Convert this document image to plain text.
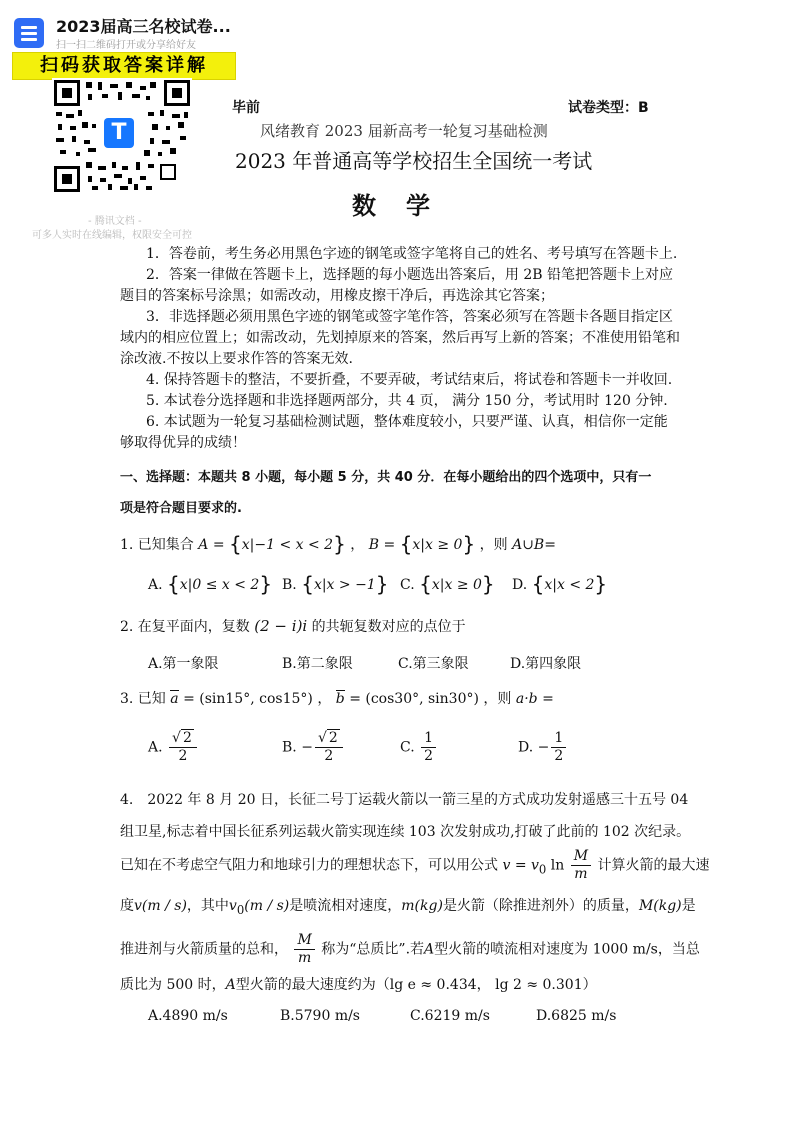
2023届高三名校试卷...
扫一扫二维码打开或分享给好友
扫码获取答案详解
T
- 腾讯文档 -
可多人实时在线编辑，权限安全可控
毕前	试卷类型：B
风绪教育 2023 届新高考一轮复习基础检测
2023 年普通高等学校招生全国统一考试
数学
1．答卷前，考生务必用黑色字迹的钢笔或签字笔将自己的姓名、考号填写在答题卡上.
2．答案一律做在答题卡上，选择题的每小题选出答案后，用 2B 铅笔把答题卡上对应
题目的答案标号涂黑；如需改动，用橡皮擦干净后，再选涂其它答案；
3．非选择题必须用黑色字迹的钢笔或签字笔作答，答案必须写在答题卡各题目指定区
域内的相应位置上；如需改动，先划掉原来的答案，然后再写上新的答案；不准使用铅笔和
涂改液.不按以上要求作答的答案无效.
4. 保持答题卡的整洁，不要折叠，不要弄破，考试结束后，将试卷和答题卡一并收回.
5. 本试卷分选择题和非选择题两部分，共 4 页， 满分 150 分，考试用时 120 分钟.
6. 本试题为一轮复习基础检测试题，整体难度较小，只要严谨、认真，相信你一定能
够取得优异的成绩！
一、选择题：本题共 8 小题，每小题 5 分，共 40 分．在每小题给出的四个选项中，只有一
项是符合题目要求的.
1. 已知集合 A = {x|−1 < x < 2} ， B = {x|x ≥ 0} ，则 A∪B=
A. {x|0 ≤ x < 2} B. {x|x > −1} C. {x|x ≥ 0} D. {x|x < 2}
2. 在复平面内，复数 (2 − i)i 的共轭复数对应的点位于
A.第一象限	B.第二象限	C.第三象限	D.第四象限
3. 已知 a = (sin15°, cos15°) ， b = (cos30°, sin30°) ，则 a·b =
A. $\frac{√ 2}{2}$	B. − $\frac{√ 2}{2}$	C. $\frac{1}{2}$	D. − $\frac{1}{2}$
4.　2022 年 8 月 20 日，长征二号丁运载火箭以一箭三星的方式成功发射遥感三十五号 04
组卫星,标志着中国长征系列运载火箭实现连续 103 次发射成功,打破了此前的 102 次纪录。
已知在不考虑空气阻力和地球引力的理想状态下，可以用公式 $v = v_0$ $\ln \frac{M}{m}$ 计算火箭的最大速
度v(m / s)，其中$v_0(m / s)$是喷流相对速度，m(kg)是火箭（除推进剂外）的质量，M(kg)是
推进剂与火箭质量的总和， $\frac{M}{m}$ 称为“总质比”.若A型火箭的喷流相对速度为 1000 m/s，当总
质比为 500 时，A型火箭的最大速度约为（lg e ≈ 0.434， lg 2 ≈ 0.301）
A.4890 m/s	B.5790 m/s	C.6219 m/s	D.6825 m/s
